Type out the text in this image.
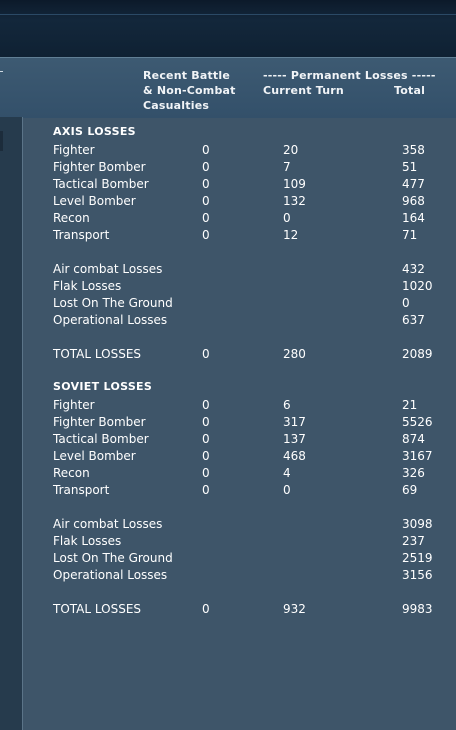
Recent Battle
& Non-Combat
Casualties
----- Permanent Losses -----
Current Turn	Total
AXIS LOSSES
Fighter	0	20	358
Fighter Bomber	0	7	51
Tactical Bomber	0	109	477
Level Bomber	0	132	968
Recon	0	0	164
Transport	0	12	71
Air combat Losses	432
Flak Losses	1020
Lost On The Ground	0
Operational Losses	637
TOTAL LOSSES	0	280	2089
SOVIET LOSSES
Fighter	0	6	21
Fighter Bomber	0	317	5526
Tactical Bomber	0	137	874
Level Bomber	0	468	3167
Recon	0	4	326
Transport	0	0	69
Air combat Losses	3098
Flak Losses	237
Lost On The Ground	2519
Operational Losses	3156
TOTAL LOSSES	0	932	9983
